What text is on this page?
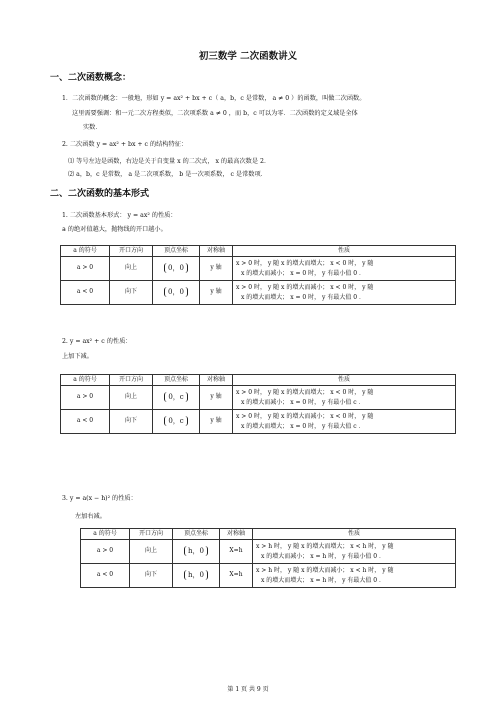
初三数学 二次函数讲义
一、二次函数概念：
1．二次函数的概念：一般地，形如 y = ax² + bx + c（ a，b，c 是常数， a ≠ 0 ）的函数，叫做二次函数。
这里需要强调：和一元二次方程类似，二次项系数 a ≠ 0 ，而 b，c 可以为零．二次函数的定义域是全体
实数．
2. 二次函数 y = ax² + bx + c 的结构特征：
⑴ 等号左边是函数，右边是关于自变量 x 的二次式， x 的最高次数是 2．
⑵ a，b，c 是常数， a 是二次项系数， b 是一次项系数， c 是常数项．
二、二次函数的基本形式
1. 二次函数基本形式： y = ax² 的性质：
a 的绝对值越大，抛物线的开口越小。
a 的符号	开口方向	顶点坐标	对称轴	性质
a > 0	向上	0，0	y 轴	x > 0 时， y 随 x 的增大而增大； x < 0 时， y 随
x 的增大而减小； x = 0 时， y 有最小值 0 ．

a < 0	向下	0，0	y 轴	x > 0 时， y 随 x 的增大而减小； x < 0 时， y 随
x 的增大而增大； x = 0 时， y 有最大值 0 ．
2. y = ax² + c 的性质：
上加下减。
a 的符号	开口方向	顶点坐标	对称轴	性质
a > 0	向上	0，c	y 轴	x > 0 时， y 随 x 的增大而增大； x < 0 时， y 随
x 的增大而减小； x = 0 时， y 有最小值 c ．

a < 0	向下	0，c	y 轴	x > 0 时， y 随 x 的增大而减小； x < 0 时， y 随
x 的增大而增大； x = 0 时， y 有最大值 c ．
3. y = a(x − h)² 的性质：
左加右减。
a 的符号	开口方向	顶点坐标	对称轴	性质
a > 0	向上	h，0	X=h	x > h 时， y 随 x 的增大而增大； x < h 时， y 随
x 的增大而减小； x = h 时， y 有最小值 0 ．

a < 0	向下	h，0	X=h	x > h 时， y 随 x 的增大而减小； x < h 时， y 随
x 的增大而增大； x = h 时， y 有最大值 0 ．
第 1 页 共 9 页
